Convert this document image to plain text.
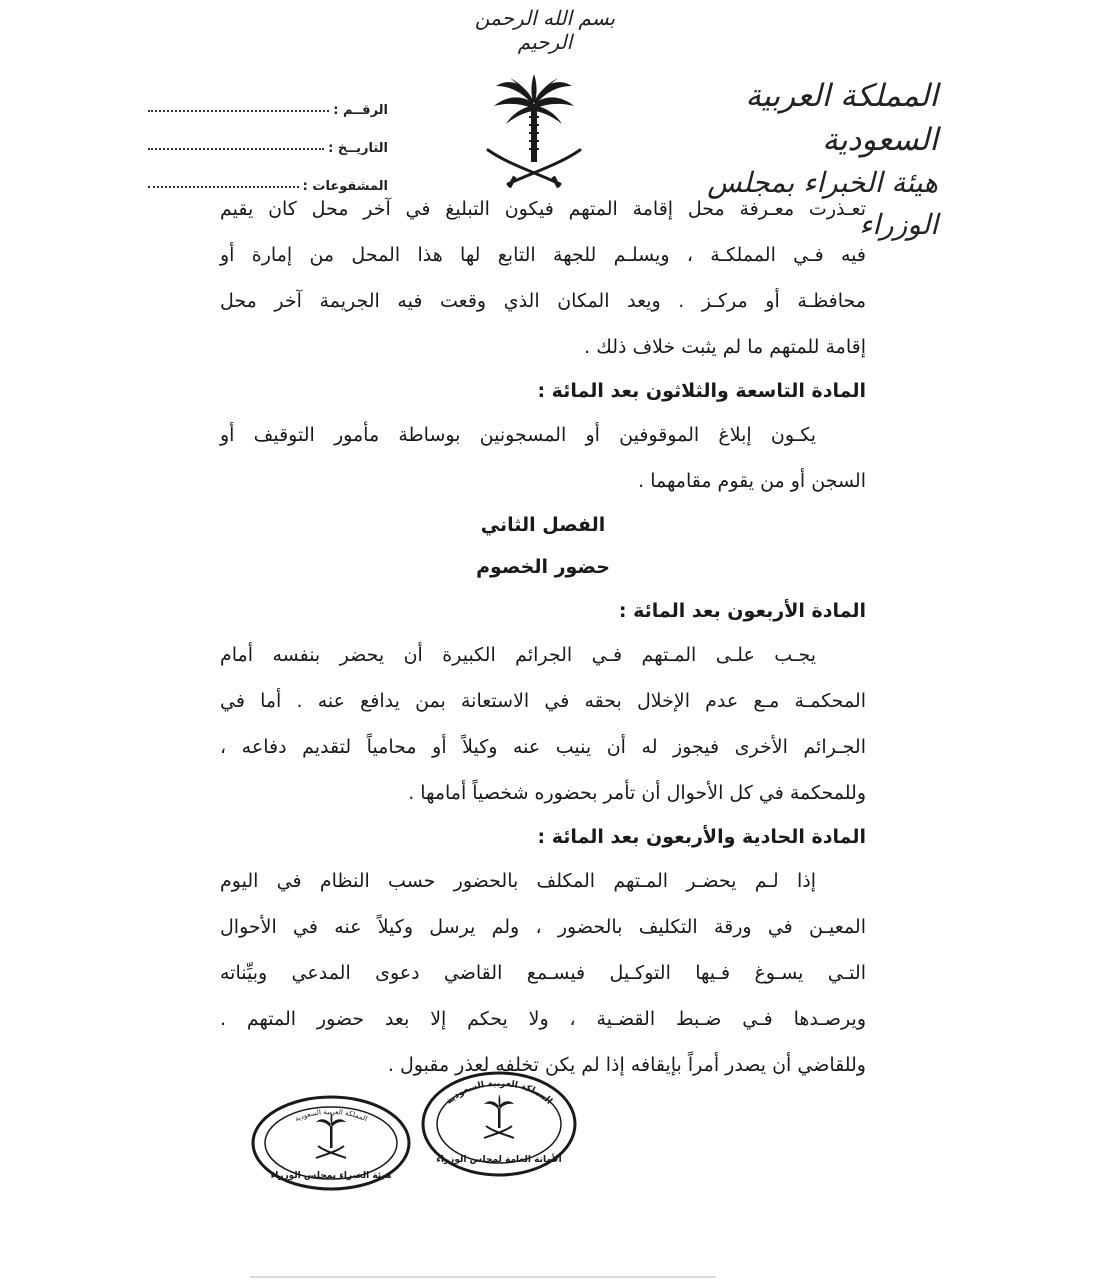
بسم الله الرحمن الرحيم
المملكة العربية السعودية
هيئة الخبراء بمجلس الوزراء
الرقــم :
التاريــخ :
المشفوعات :

تعـذرت معـرفة محل إقامة المتهم فيكون التبليغ في آخر محل كان يقيم
فيه فـي المملكـة ، ويسلـم للجهة التابع لها هذا المحل من إمارة أو
محافظـة أو مركـز . ويعد المكان الذي وقعت فيه الجريمة آخر محل
إقامة للمتهم ما لم يثبت خلاف ذلك .

المادة التاسعة والثلاثون بعد المائة :

يكـون إبلاغ الموقوفين أو المسجونين بوساطة مأمور التوقيف أو
السجن أو من يقوم مقامهما .

الفصل الثاني

حضور الخصوم

المادة الأربعون بعد المائة :

يجـب علـى المـتهم فـي الجرائم الكبيرة أن يحضر بنفسه أمام
المحكمـة مـع عدم الإخلال بحقه في الاستعانة بمن يدافع عنه . أما في
الجـرائم الأخرى فيجوز له أن ينيب عنه وكيلاً أو محامياً لتقديم دفاعه ،
وللمحكمة في كل الأحوال أن تأمر بحضوره شخصياً أمامها .

المادة الحادية والأربعون بعد المائة :

إذا لـم يحضـر المـتهم المكلف بالحضور حسب النظام في اليوم
المعيـن في ورقة التكليف بالحضور ، ولم يرسل وكيلاً عنه في الأحوال
التـي يسـوغ فـيها التوكـيل فيسـمع القاضي دعوى المدعي وبيِّناته
ويرصـدها فـي ضـبط القضـية ، ولا يحكم إلا بعد حضور المتهم .
وللقاضي أن يصدر أمراً بإيقافه إذا لم يكن تخلفه لعذر مقبول .

المملكة العربية السعودية
هيئة الخبراء بمجلس الوزراء
المملكة العربية السعودية
الأمانة العامة لمجلس الوزراء
